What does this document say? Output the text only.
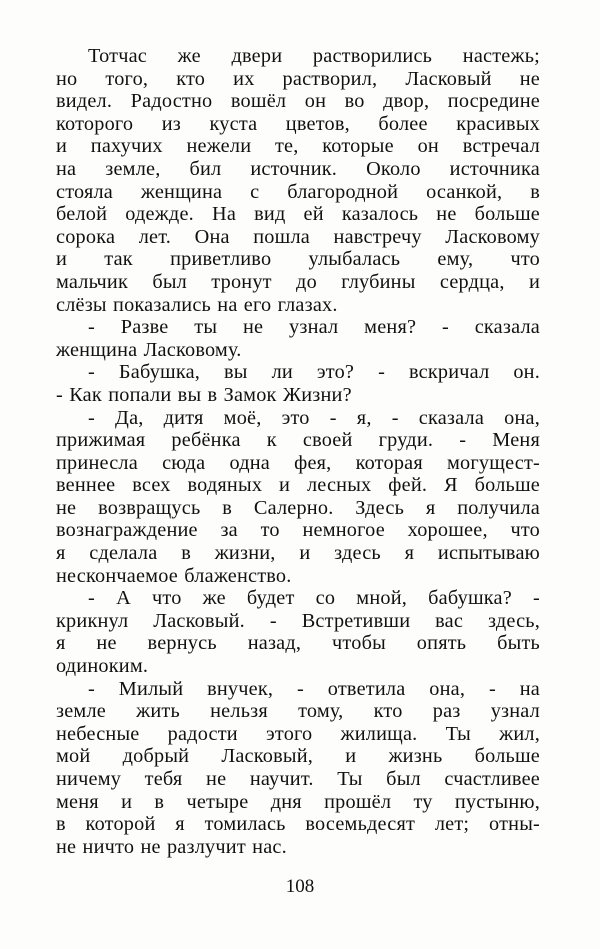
Тотчас же двери растворились настежь;
но того, кто их растворил, Ласковый не
видел. Радостно вошёл он во двор, посредине
которого из куста цветов, более красивых
и пахучих нежели те, которые он встречал
на земле, бил источник. Около источника
стояла женщина с благородной осанкой, в
белой одежде. На вид ей казалось не больше
сорока лет. Она пошла навстречу Ласковому
и так приветливо улыбалась ему, что
мальчик был тронут до глубины сердца, и
слёзы показались на его глазах.

- Разве ты не узнал меня? - сказала
женщина Ласковому.

- Бабушка, вы ли это? - вскричал он.
- Как попали вы в Замок Жизни?

- Да, дитя моё, это - я, - сказала она,
прижимая ребёнка к своей груди. - Меня
принесла сюда одна фея, которая могущест-
веннее всех водяных и лесных фей. Я больше
не возвращусь в Салерно. Здесь я получила
вознаграждение за то немногое хорошее, что
я сделала в жизни, и здесь я испытываю
нескончаемое блаженство.

- А что же будет со мной, бабушка? -
крикнул Ласковый. - Встретивши вас здесь,
я не вернусь назад, чтобы опять быть
одиноким.

- Милый внучек, - ответила она, - на
земле жить нельзя тому, кто раз узнал
небесные радости этого жилища. Ты жил,
мой добрый Ласковый, и жизнь больше
ничему тебя не научит. Ты был счастливее
меня и в четыре дня прошёл ту пустыню,
в которой я томилась восемьдесят лет; отны-
не ничто не разлучит нас.

108
